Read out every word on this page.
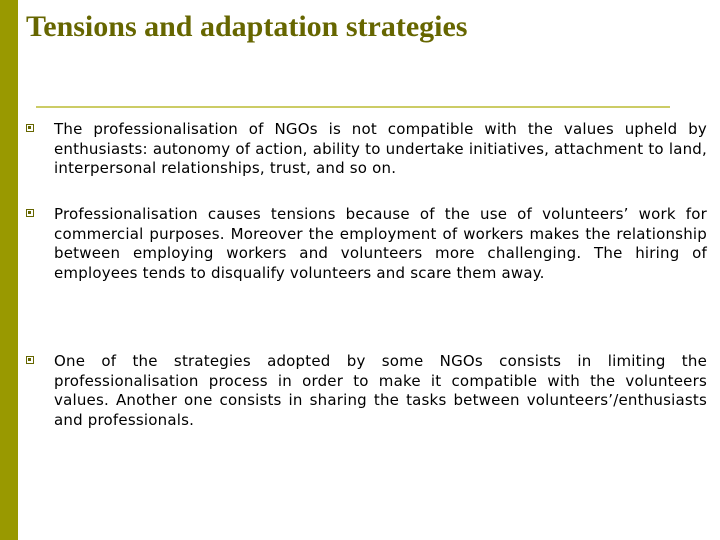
Tensions and adaptation strategies

The professionalisation of NGOs is not compatible with the values upheld by enthusiasts: autonomy of action, ability to undertake initiatives, attachment to land, interpersonal relationships, trust, and so on.

Professionalisation causes tensions because of the use of volunteers’ work for commercial purposes. Moreover the employment of workers makes the relationship between employing workers and volunteers more challenging. The hiring of employees tends to disqualify volunteers and scare them away.

One of the strategies adopted by some NGOs consists in limiting the professionalisation process in order to make it compatible with the volunteers values. Another one consists in sharing the tasks between volunteers’/enthusiasts and professionals.
